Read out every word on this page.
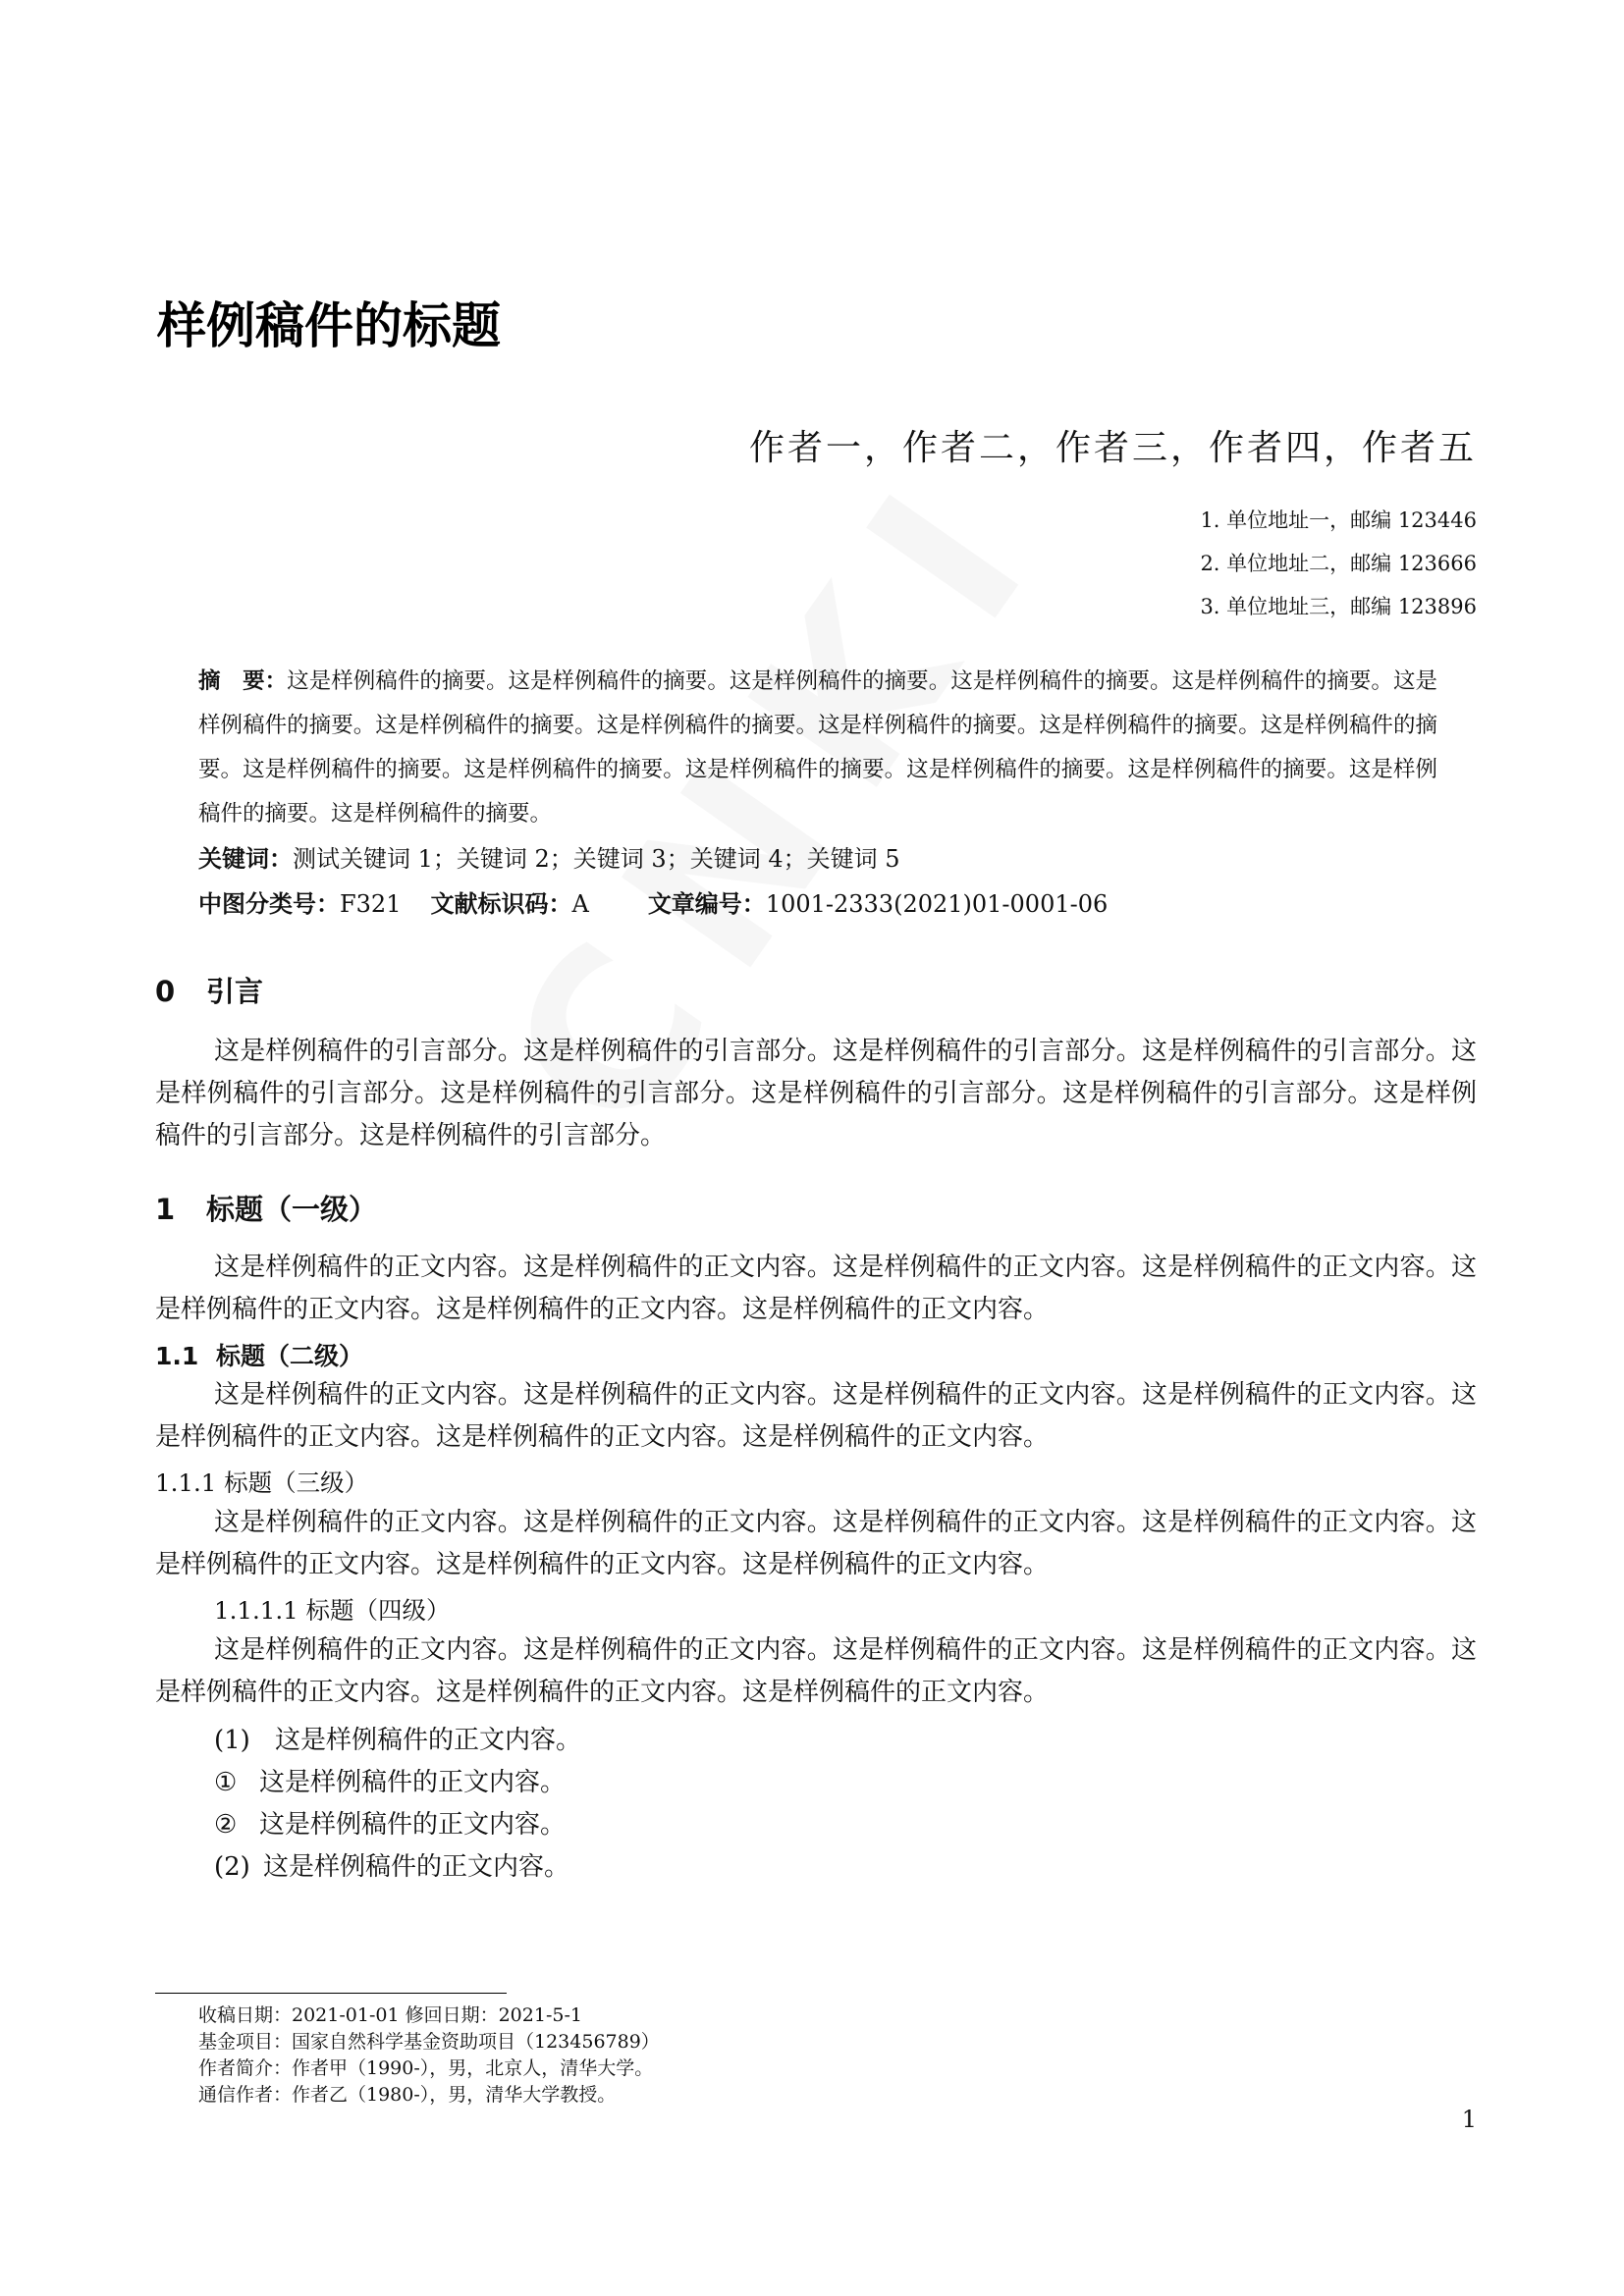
样例稿件的标题
作者一，作者二，作者三，作者四，作者五
1. 单位地址一，邮编 123446
2. 单位地址二，邮编 123666
3. 单位地址三，邮编 123896
摘　要：这是样例稿件的摘要。这是样例稿件的摘要。这是样例稿件的摘要。这是样例稿件的摘要。这是样例稿件的摘要。这是样例稿件的摘要。这是样例稿件的摘要。这是样例稿件的摘要。这是样例稿件的摘要。这是样例稿件的摘要。这是样例稿件的摘要。这是样例稿件的摘要。这是样例稿件的摘要。这是样例稿件的摘要。这是样例稿件的摘要。这是样例稿件的摘要。这是样例稿件的摘要。这是样例稿件的摘要。
关键词：测试关键词 1；关键词 2；关键词 3；关键词 4；关键词 5
中图分类号：F321 文献标识码：A	文章编号：1001-2333(2021)01-0001-06
0 引言
这是样例稿件的引言部分。这是样例稿件的引言部分。这是样例稿件的引言部分。这是样例稿件的引言部分。这是样例稿件的引言部分。这是样例稿件的引言部分。这是样例稿件的引言部分。这是样例稿件的引言部分。这是样例稿件的引言部分。这是样例稿件的引言部分。
1 标题（一级）
这是样例稿件的正文内容。这是样例稿件的正文内容。这是样例稿件的正文内容。这是样例稿件的正文内容。这是样例稿件的正文内容。这是样例稿件的正文内容。这是样例稿件的正文内容。
1.1 标题（二级）
这是样例稿件的正文内容。这是样例稿件的正文内容。这是样例稿件的正文内容。这是样例稿件的正文内容。这是样例稿件的正文内容。这是样例稿件的正文内容。这是样例稿件的正文内容。
1.1.1 标题（三级）
这是样例稿件的正文内容。这是样例稿件的正文内容。这是样例稿件的正文内容。这是样例稿件的正文内容。这是样例稿件的正文内容。这是样例稿件的正文内容。这是样例稿件的正文内容。
1.1.1.1 标题（四级）
这是样例稿件的正文内容。这是样例稿件的正文内容。这是样例稿件的正文内容。这是样例稿件的正文内容。这是样例稿件的正文内容。这是样例稿件的正文内容。这是样例稿件的正文内容。
(1) 这是样例稿件的正文内容。
① 这是样例稿件的正文内容。
② 这是样例稿件的正文内容。
(2) 这是样例稿件的正文内容。
收稿日期：2021-01-01 修回日期：2021-5-1
基金项目：国家自然科学基金资助项目（123456789）
作者简介：作者甲（1990-），男，北京人，清华大学。
通信作者：作者乙（1980-），男，清华大学教授。
1
